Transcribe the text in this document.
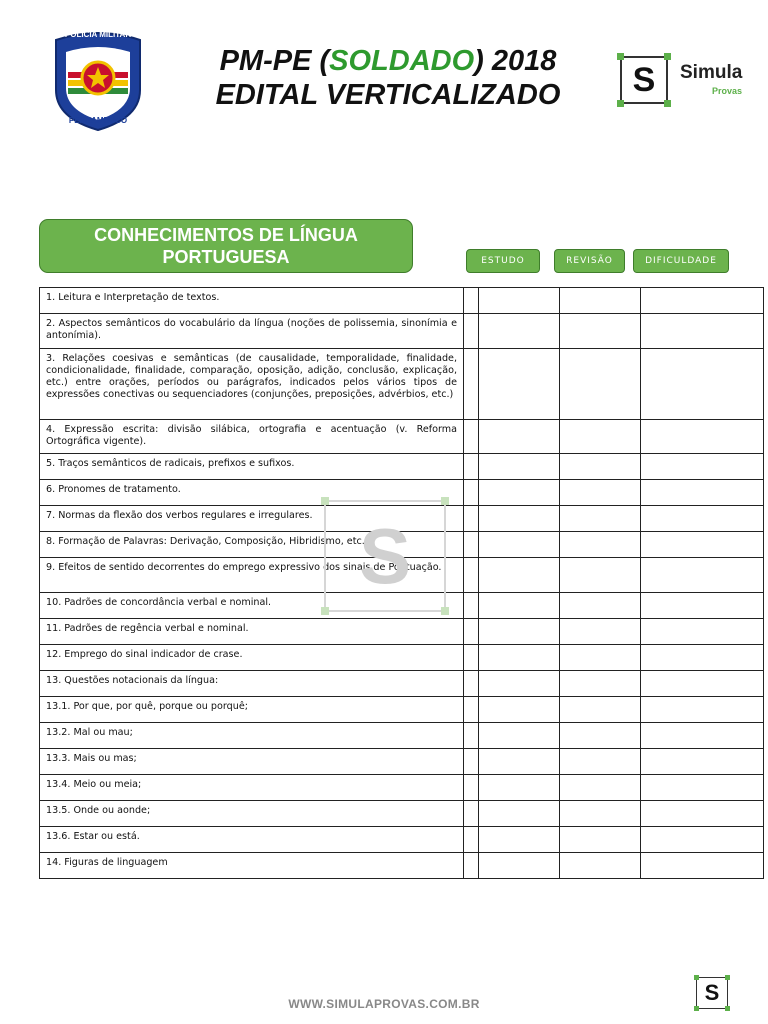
POLÍCIA MILITAR
PERNAMBUCO
PM-PE (SOLDADO) 2018
EDITAL VERTICALIZADO	S	Simula
Provas
CONHECIMENTOS DE LÍNGUA
PORTUGUESA	ESTUDO	REVISÃO	DIFICULDADE
1. Leitura e Interpretação de textos.
2. Aspectos semânticos do vocabulário da língua (noções de polissemia, sinonímia e antonímia).
3. Relações coesivas e semânticas (de causalidade, temporalidade, finalidade, condicionalidade, finalidade, comparação, oposição, adição, conclusão, explicação, etc.) entre orações, períodos ou parágrafos, indicados pelos vários tipos de expressões conectivas ou sequenciadores (conjunções, preposições, advérbios, etc.)
4. Expressão escrita: divisão silábica, ortografia e acentuação (v. Reforma Ortográfica vigente).
5. Traços semânticos de radicais, prefixos e sufixos.
6. Pronomes de tratamento.
7. Normas da flexão dos verbos regulares e irregulares.
8. Formação de Palavras: Derivação, Composição, Hibridismo, etc.
9. Efeitos de sentido decorrentes do emprego expressivo dos sinais de Pontuação.
10. Padrões de concordância verbal e nominal.
11. Padrões de regência verbal e nominal.
12. Emprego do sinal indicador de crase.
13. Questões notacionais da língua:
13.1. Por que, por quê, porque ou porquê;
13.2. Mal ou mau;
13.3. Mais ou mas;
13.4. Meio ou meia;
13.5. Onde ou aonde;
13.6. Estar ou está.
14. Figuras de linguagem
S
WWW.SIMULAPROVAS.COM.BR	S
